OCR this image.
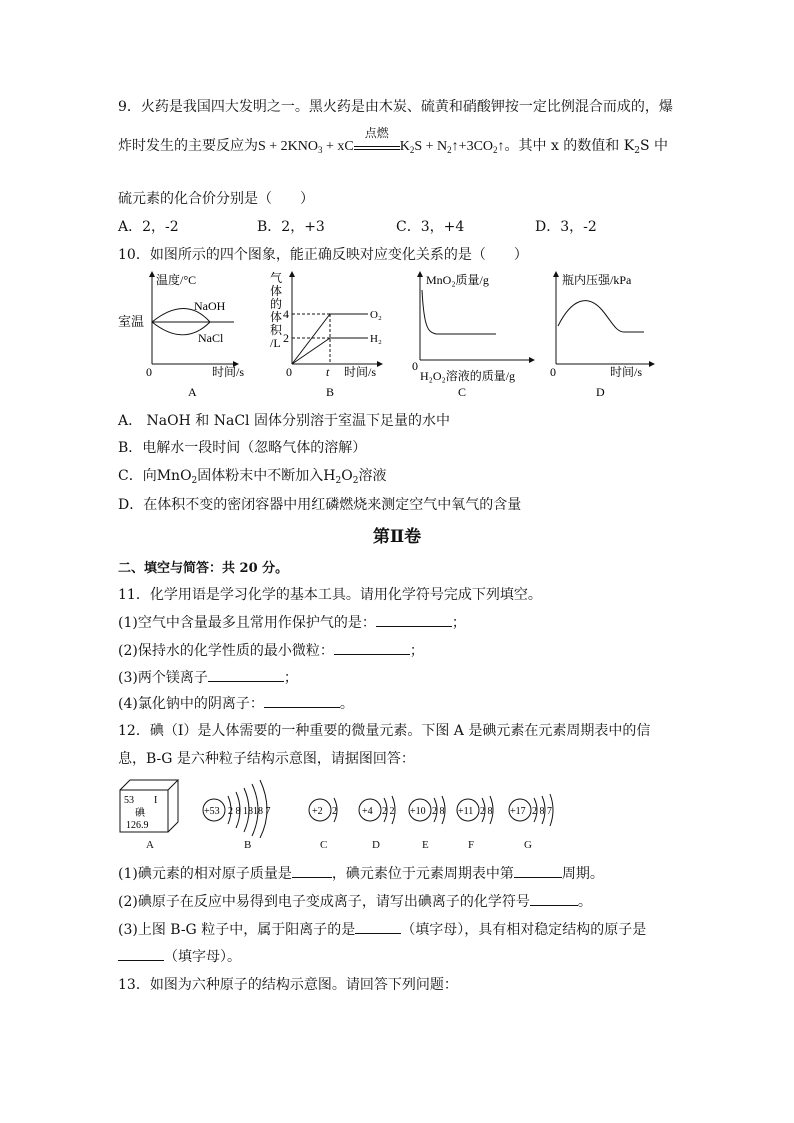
9．火药是我国四大发明之一。黑火药是由木炭、硫黄和硝酸钾按一定比例混合而成的，爆
炸时发生的主要反应为$S + 2KNO_3$ + xC
点燃
$K_2S$ + $N_2↑+3CO_2↑$。其中 x 的数值和 $K_2S$ 中
硫元素的化合价分别是（　　）
A．2，-2	B．2，+3	C．3，+4	D．3，-2
10．如图所示的四个图象，能正确反映对应变化关系的是（　　）
温度/°C
室温
NaOH
NaCl
0	时间/s
A
气
体
的
体
积
/L
4
2
t
O₂
H₂
0	时间/s
B
MnO₂质量/g
0
H₂O₂溶液的质量/g
C
瓶内压强/kPa
0	时间/s
D
A． NaOH 和 NaCl 固体分别溶于室温下足量的水中
B．电解水一段时间（忽略气体的溶解）
C．向MnO$_2$固体粉末中不断加入$H_2O_2$溶液
D．在体积不变的密闭容器中用红磷燃烧来测定空气中氧气的含量
第Ⅱ卷
二、填空与简答：共 20 分。
11．化学用语是学习化学的基本工具。请用化学符号完成下列填空。
(1)空气中含量最多且常用作保护气的是：	；
(2)保持水的化学性质的最小微粒：	；
(3)两个镁离子	；
(4)氯化钠中的阴离子：	。
12．碘（I）是人体需要的一种重要的微量元素。下图 A 是碘元素在元素周期表中的信
息，B-G 是六种粒子结构示意图，请据图回答：
53 I
碘
126.9
A
+53 2 8 1818 7	+2 2	+4 2 2 +10 2 8 +11 2 8 +17 2 8 7
B	C	D	E	F	G
(1)碘元素的相对原子质量是	，碘元素位于元素周期表中第	周期。
(2)碘原子在反应中易得到电子变成离子，请写出碘离子的化学符号	。
(3)上图 B-G 粒子中，属于阳离子的是	（填字母），具有相对稳定结构的原子是
（填字母）。
13．如图为六种原子的结构示意图。请回答下列问题：
